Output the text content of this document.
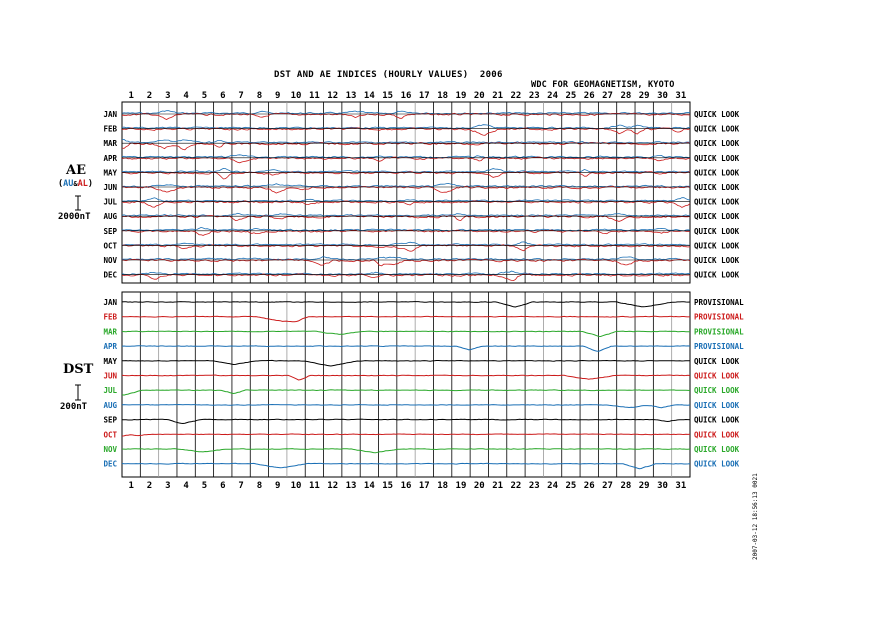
DST AND AE INDICES (HOURLY VALUES) 2006
WDC FOR GEOMAGNETISM, KYOTO
AE
(AU&AL)
2000nT
DST
200nT
2007-03-12 18:56:13 0021
1
1
2
2
3
3
4
4
5
5
6
6
7
7
8
8
9
9
10
10
11
11
12
12
13
13
14
14
15
15
16
16
17
17
18
18
19
19
20
20
21
21
22
22
23
23
24
24
25
25
26
26
27
27
28
28
29
29
30
30
31
31
JAN	QUICK LOOK
FEB	QUICK LOOK
MAR	QUICK LOOK
APR	QUICK LOOK
MAY	QUICK LOOK
JUN	QUICK LOOK
JUL	QUICK LOOK
AUG	QUICK LOOK
SEP	QUICK LOOK
OCT	QUICK LOOK
NOV	QUICK LOOK
DEC	QUICK LOOK
JAN	PROVISIONAL
FEB	PROVISIONAL
MAR	PROVISIONAL
APR	PROVISIONAL
MAY	QUICK LOOK
JUN	QUICK LOOK
JUL	QUICK LOOK
AUG	QUICK LOOK
SEP	QUICK LOOK
OCT	QUICK LOOK
NOV	QUICK LOOK
DEC	QUICK LOOK
